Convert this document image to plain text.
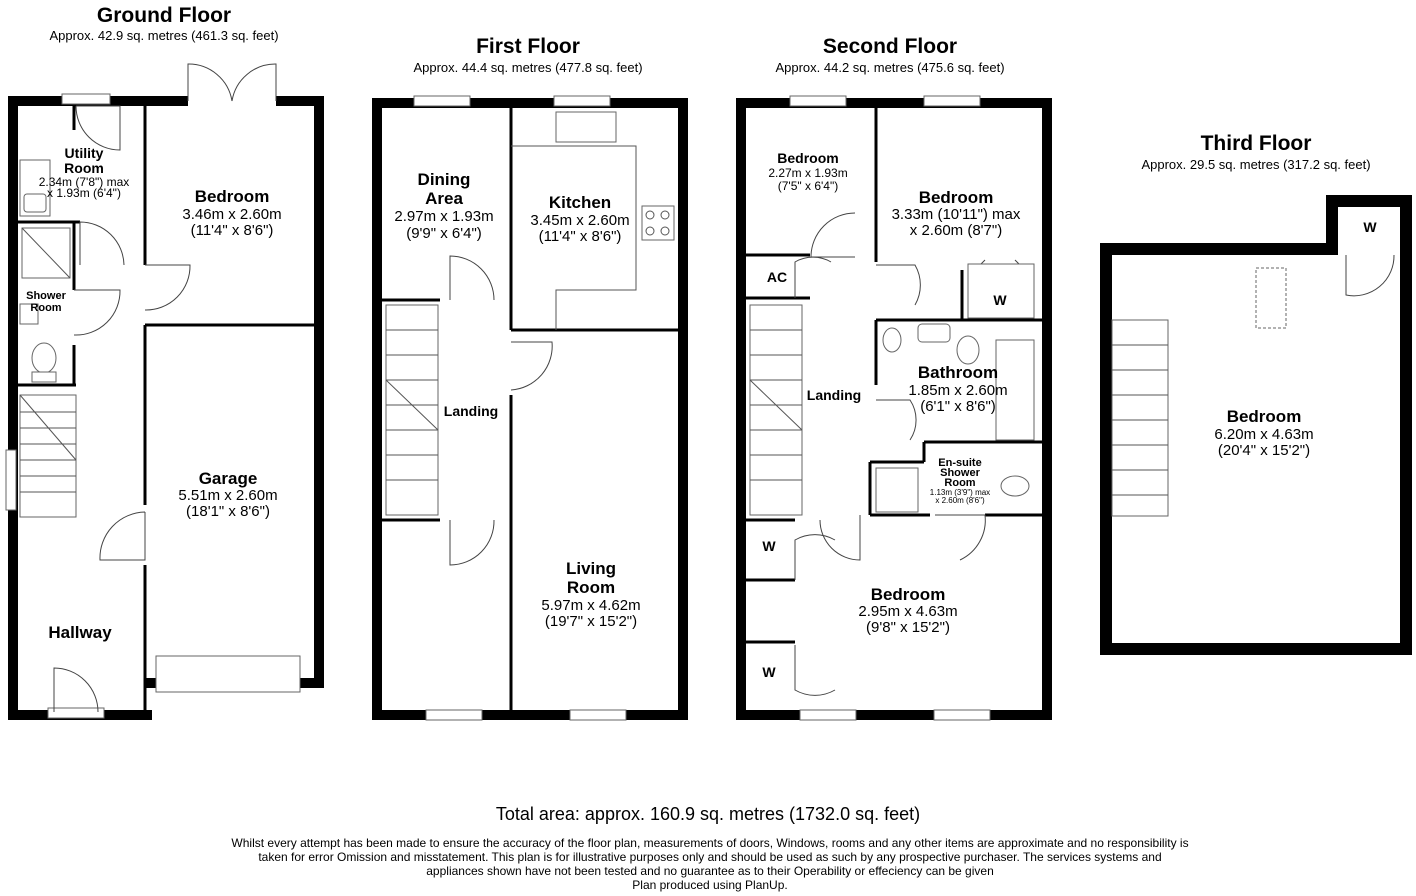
Ground Floor
Approx. 42.9 sq. metres (461.3 sq. feet)
Utility
Room
2.34m (7'8") max
x 1.93m (6'4")	Bedroom
3.46m x 2.60m
(11'4" x 8'6")
Shower
Room
Garage
5.51m x 2.60m
(18'1" x 8'6")
Hallway
First Floor
Approx. 44.4 sq. metres (477.8 sq. feet)
Dining
Area
2.97m x 1.93m
(9'9" x 6'4")
Kitchen
3.45m x 2.60m
(11'4" x 8'6")
Landing
Living
Room
5.97m x 4.62m
(19'7" x 15'2")
Second Floor
Approx. 44.2 sq. metres (475.6 sq. feet)
Bedroom
2.27m x 1.93m
(7'5" x 6'4")
Bedroom
3.33m (10'11") max
x 2.60m (8'7")
AC
W
Landing
Bathroom
1.85m x 2.60m
(6'1" x 8'6")
En-suite
Shower
Room
1.13m (3'9") max
x 2.60m (8'6")
W
W
Bedroom
2.95m x 4.63m
(9'8" x 15'2")
Third Floor
Approx. 29.5 sq. metres (317.2 sq. feet)
W
Bedroom
6.20m x 4.63m
(20'4" x 15'2")
Total area: approx. 160.9 sq. metres (1732.0 sq. feet)
Whilst every attempt has been made to ensure the accuracy of the floor plan, measurements of doors, Windows, rooms and any other items are approximate and no responsibility is
taken for error Omission and misstatement. This plan is for illustrative purposes only and should be used as such by any prospective purchaser. The services systems and
appliances shown have not been tested and no guarantee as to their Operability or effeciency can be given
Plan produced using PlanUp.
